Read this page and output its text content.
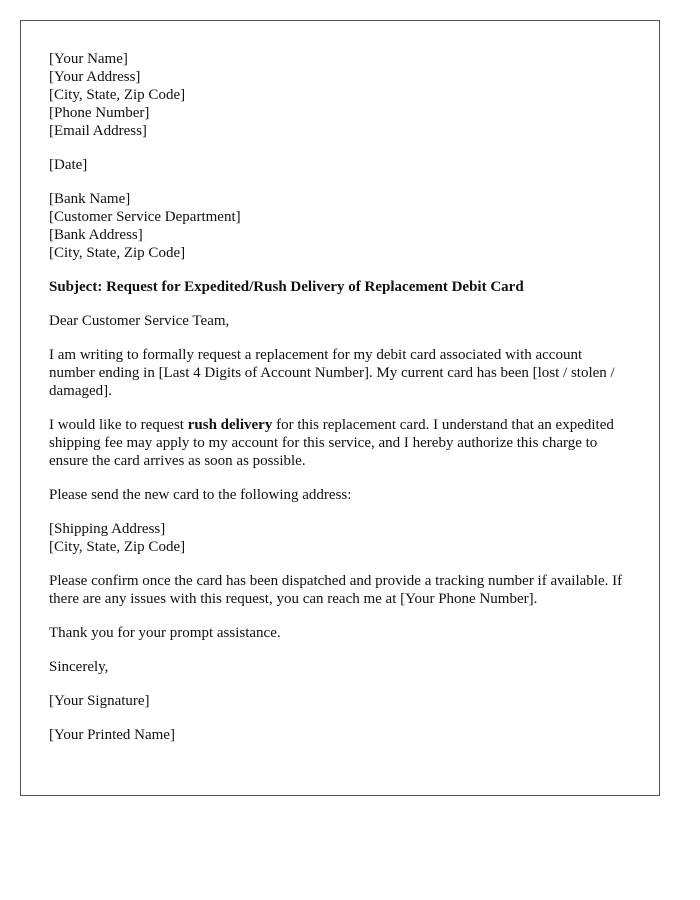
[Your Name]
[Your Address]
[City, State, Zip Code]
[Phone Number]
[Email Address]
[Date]
[Bank Name]
[Customer Service Department]
[Bank Address]
[City, State, Zip Code]

Subject: Request for Expedited/Rush Delivery of Replacement Debit Card

Dear Customer Service Team,

I am writing to formally request a replacement for my debit card associated with account number ending in [Last 4 Digits of Account Number]. My current card has been [lost / stolen / damaged].

I would like to request rush delivery for this replacement card. I understand that an expedited shipping fee may apply to my account for this service, and I hereby authorize this charge to ensure the card arrives as soon as possible.

Please send the new card to the following address:

[Shipping Address]
[City, State, Zip Code]

Please confirm once the card has been dispatched and provide a tracking number if available. If there are any issues with this request, you can reach me at [Your Phone Number].

Thank you for your prompt assistance.

Sincerely,

[Your Signature]

[Your Printed Name]
